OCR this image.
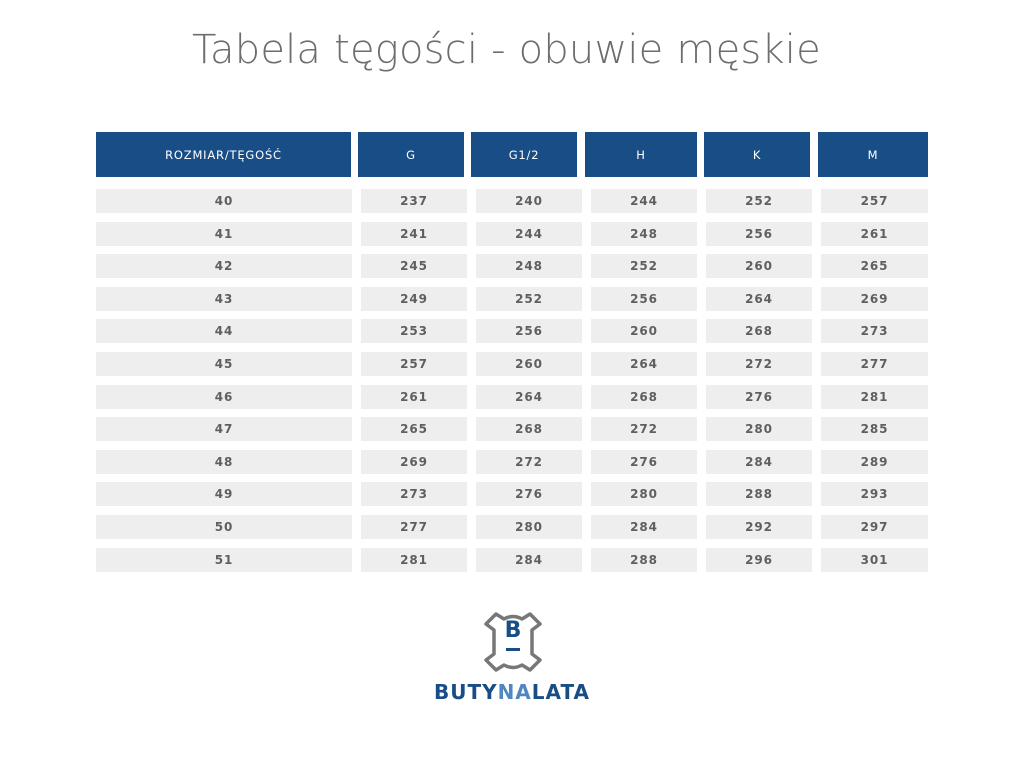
Tabela tęgości - obuwie męskie
ROZMIAR/TĘGOŚĆ	G	G1/2	H	K	M
40	237	240	244	252	257
41	241	244	248	256	261
42	245	248	252	260	265
43	249	252	256	264	269
44	253	256	260	268	273
45	257	260	264	272	277
46	261	264	268	276	281
47	265	268	272	280	285
48	269	272	276	284	289
49	273	276	280	288	293
50	277	280	284	292	297
51	281	284	288	296	301
B
BUTYNALATA
